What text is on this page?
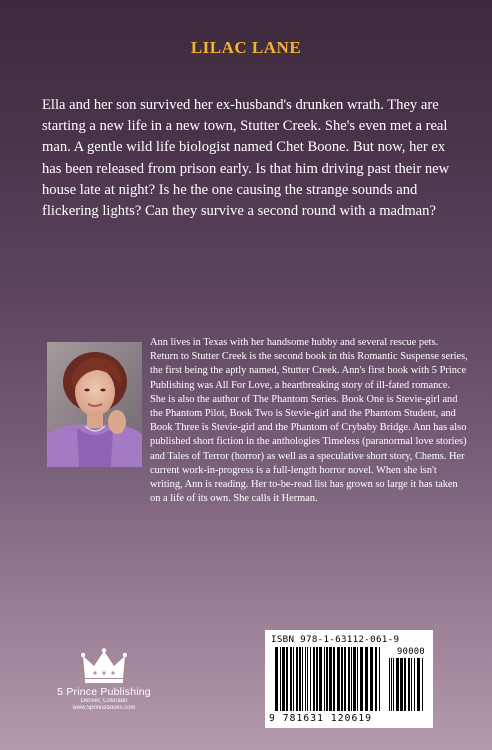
LILAC LANE

Ella and her son survived her ex-husband's drunken wrath. They are starting a new life in a new town, Stutter Creek. She's even met a real man. A gentle wild life biologist named Chet Boone. But now, her ex has been released from prison early. Is that him driving past their new house late at night? Is he the one causing the strange sounds and flickering lights? Can they survive a second round with a madman?

Ann lives in Texas with her handsome hubby and several rescue pets. Return to Stutter Creek is the second book in this Romantic Suspense series, the first being the aptly named, Stutter Creek. Ann's first book with 5 Prince Publishing was All For Love, a heartbreaking story of ill-fated romance. She is also the author of The Phantom Series. Book One is Stevie-girl and the Phantom Pilot, Book Two is Stevie-girl and the Phantom Student, and Book Three is Stevie-girl and the Phantom of Crybaby Bridge. Ann has also published short fiction in the anthologies Timeless (paranormal love stories) and Tales of Terror (horror) as well as a speculative short story, Chems. Her current work-in-progress is a full-length horror novel. When she isn't writing, Ann is reading. Her to-be-read list has grown so large it has taken on a life of its own. She calls it Herman.

5 Prince Publishing
Denver, Colorado
www.5princebooks.com
ISBN 978-1-63112-061-9
90000
9 781631 120619
